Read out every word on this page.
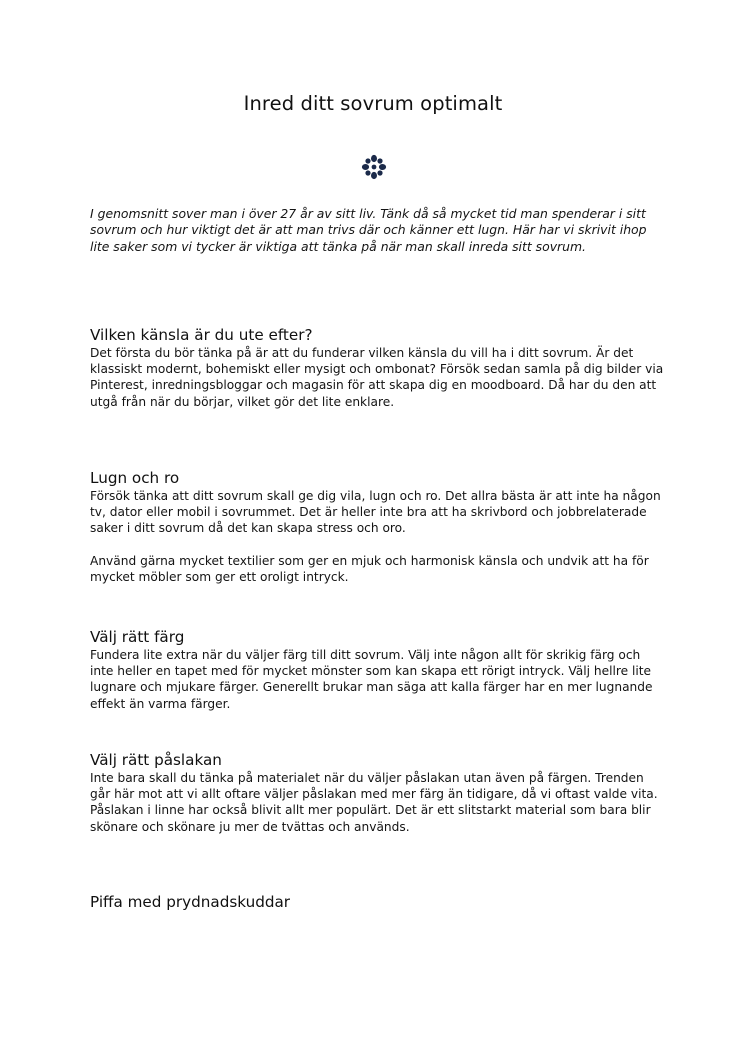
Inred ditt sovrum optimalt

I genomsnitt sover man i över 27 år av sitt liv. Tänk då så mycket tid man spenderar i sitt sovrum och hur viktigt det är att man trivs där och känner ett lugn. Här har vi skrivit ihop lite saker som vi tycker är viktiga att tänka på när man skall inreda sitt sovrum.

Vilken känsla är du ute efter?

Det första du bör tänka på är att du funderar vilken känsla du vill ha i ditt sovrum. Är det klassiskt modernt, bohemiskt eller mysigt och ombonat? Försök sedan samla på dig bilder via Pinterest, inredningsbloggar och magasin för att skapa dig en moodboard. Då har du den att utgå från när du börjar, vilket gör det lite enklare.

Lugn och ro

Försök tänka att ditt sovrum skall ge dig vila, lugn och ro. Det allra bästa är att inte ha någon tv, dator eller mobil i sovrummet. Det är heller inte bra att ha skrivbord och jobbrelaterade saker i ditt sovrum då det kan skapa stress och oro.

Använd gärna mycket textilier som ger en mjuk och harmonisk känsla och undvik att ha för mycket möbler som ger ett oroligt intryck.

Välj rätt färg

Fundera lite extra när du väljer färg till ditt sovrum. Välj inte någon allt för skrikig färg och inte heller en tapet med för mycket mönster som kan skapa ett rörigt intryck. Välj hellre lite lugnare och mjukare färger. Generellt brukar man säga att kalla färger har en mer lugnande effekt än varma färger.

Välj rätt påslakan

Inte bara skall du tänka på materialet när du väljer påslakan utan även på färgen. Trenden går här mot att vi allt oftare väljer påslakan med mer färg än tidigare, då vi oftast valde vita. Påslakan i linne har också blivit allt mer populärt. Det är ett slitstarkt material som bara blir skönare och skönare ju mer de tvättas och används.

Piffa med prydnadskuddar
